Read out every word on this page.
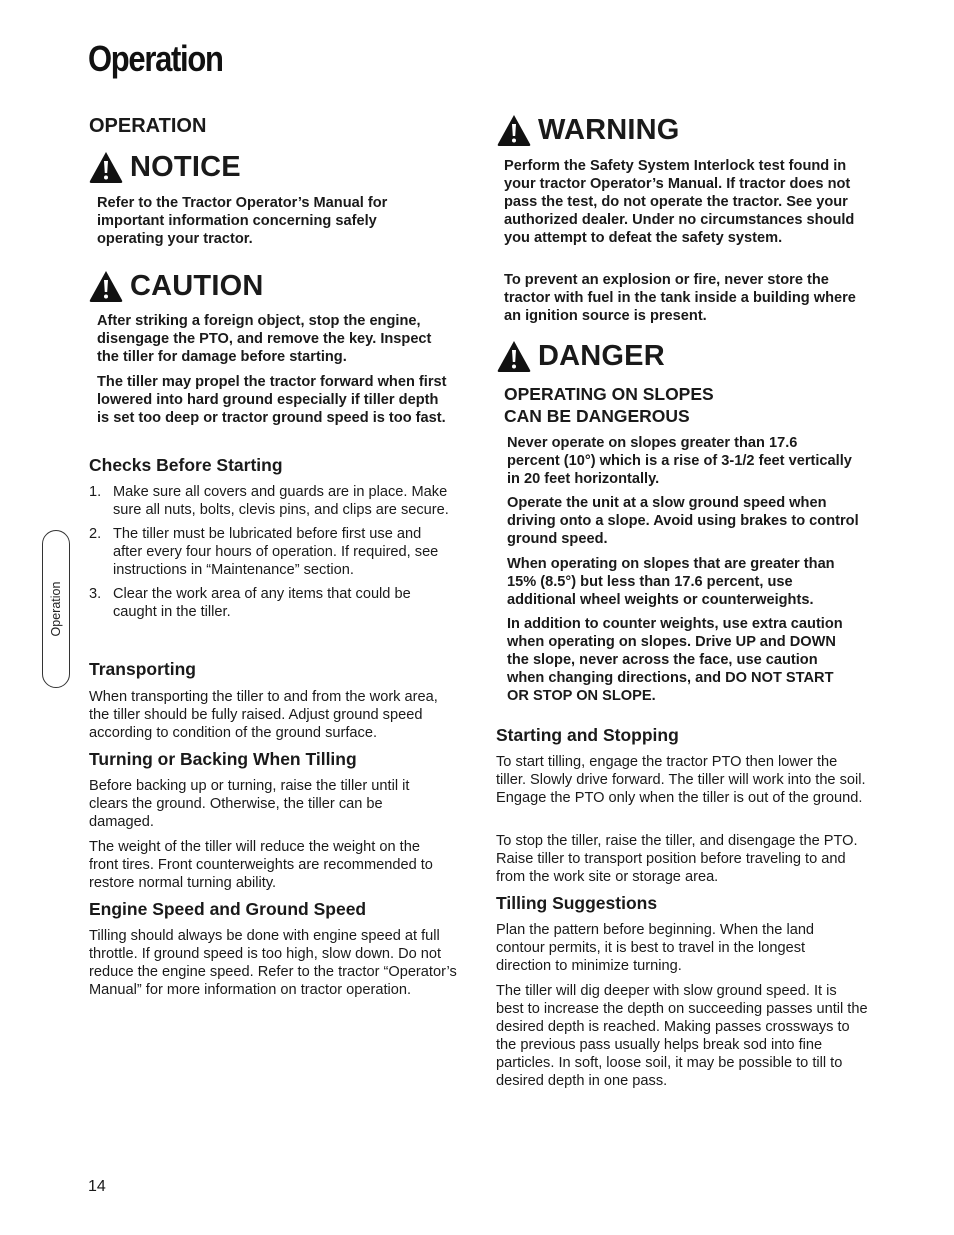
Operation
Operation
OPERATION
NOTICE

Refer to the Tractor Operator’s Manual for important information concerning safely operating your tractor.

CAUTION

After striking a foreign object, stop the engine, disengage the PTO, and remove the key. Inspect the tiller for damage before starting.

The tiller may propel the tractor forward when first lowered into hard ground especially if tiller depth is set too deep or tractor ground speed is too fast.

Checks Before Starting
1. Make sure all covers and guards are in place. Make sure all nuts, bolts, clevis pins, and clips are secure.
2. The tiller must be lubricated before first use and after every four hours of operation. If required, see instructions in “Maintenance” section.
3. Clear the work area of any items that could be caught in the tiller.
Transporting

When transporting the tiller to and from the work area, the tiller should be fully raised. Adjust ground speed according to condition of the ground surface.

Turning or Backing When Tilling

Before backing up or turning, raise the tiller until it clears the ground. Otherwise, the tiller can be damaged.

The weight of the tiller will reduce the weight on the front tires. Front counterweights are recommended to restore normal turning ability.

Engine Speed and Ground Speed

Tilling should always be done with engine speed at full throttle. If ground speed is too high, slow down. Do not reduce the engine speed. Refer to the tractor “Operator’s Manual” for more information on tractor operation.

WARNING

Perform the Safety System Interlock test found in your tractor Operator’s Manual. If tractor does not pass the test, do not operate the tractor. See your authorized dealer. Under no circumstances should you attempt to defeat the safety system.

To prevent an explosion or fire, never store the tractor with fuel in the tank inside a building where an ignition source is present.

DANGER
OPERATING ON SLOPES
CAN BE DANGEROUS

Never operate on slopes greater than 17.6 percent (10°) which is a rise of 3-1/2 feet vertically in 20 feet horizontally.

Operate the unit at a slow ground speed when driving onto a slope. Avoid using brakes to control ground speed.

When operating on slopes that are greater than 15% (8.5°) but less than 17.6 percent, use additional wheel weights or counterweights.

In addition to counter weights, use extra caution when operating on slopes. Drive UP and DOWN the slope, never across the face, use caution when changing directions, and DO NOT START OR STOP ON SLOPE.

Starting and Stopping

To start tilling, engage the tractor PTO then lower the tiller. Slowly drive forward. The tiller will work into the soil. Engage the PTO only when the tiller is out of the ground.

To stop the tiller, raise the tiller, and disengage the PTO. Raise tiller to transport position before traveling to and from the work site or storage area.

Tilling Suggestions

Plan the pattern before beginning. When the land contour permits, it is best to travel in the longest direction to minimize turning.

The tiller will dig deeper with slow ground speed. It is best to increase the depth on succeeding passes until the desired depth is reached. Making passes crossways to the previous pass usually helps break sod into fine particles. In soft, loose soil, it may be possible to till to desired depth in one pass.

14
